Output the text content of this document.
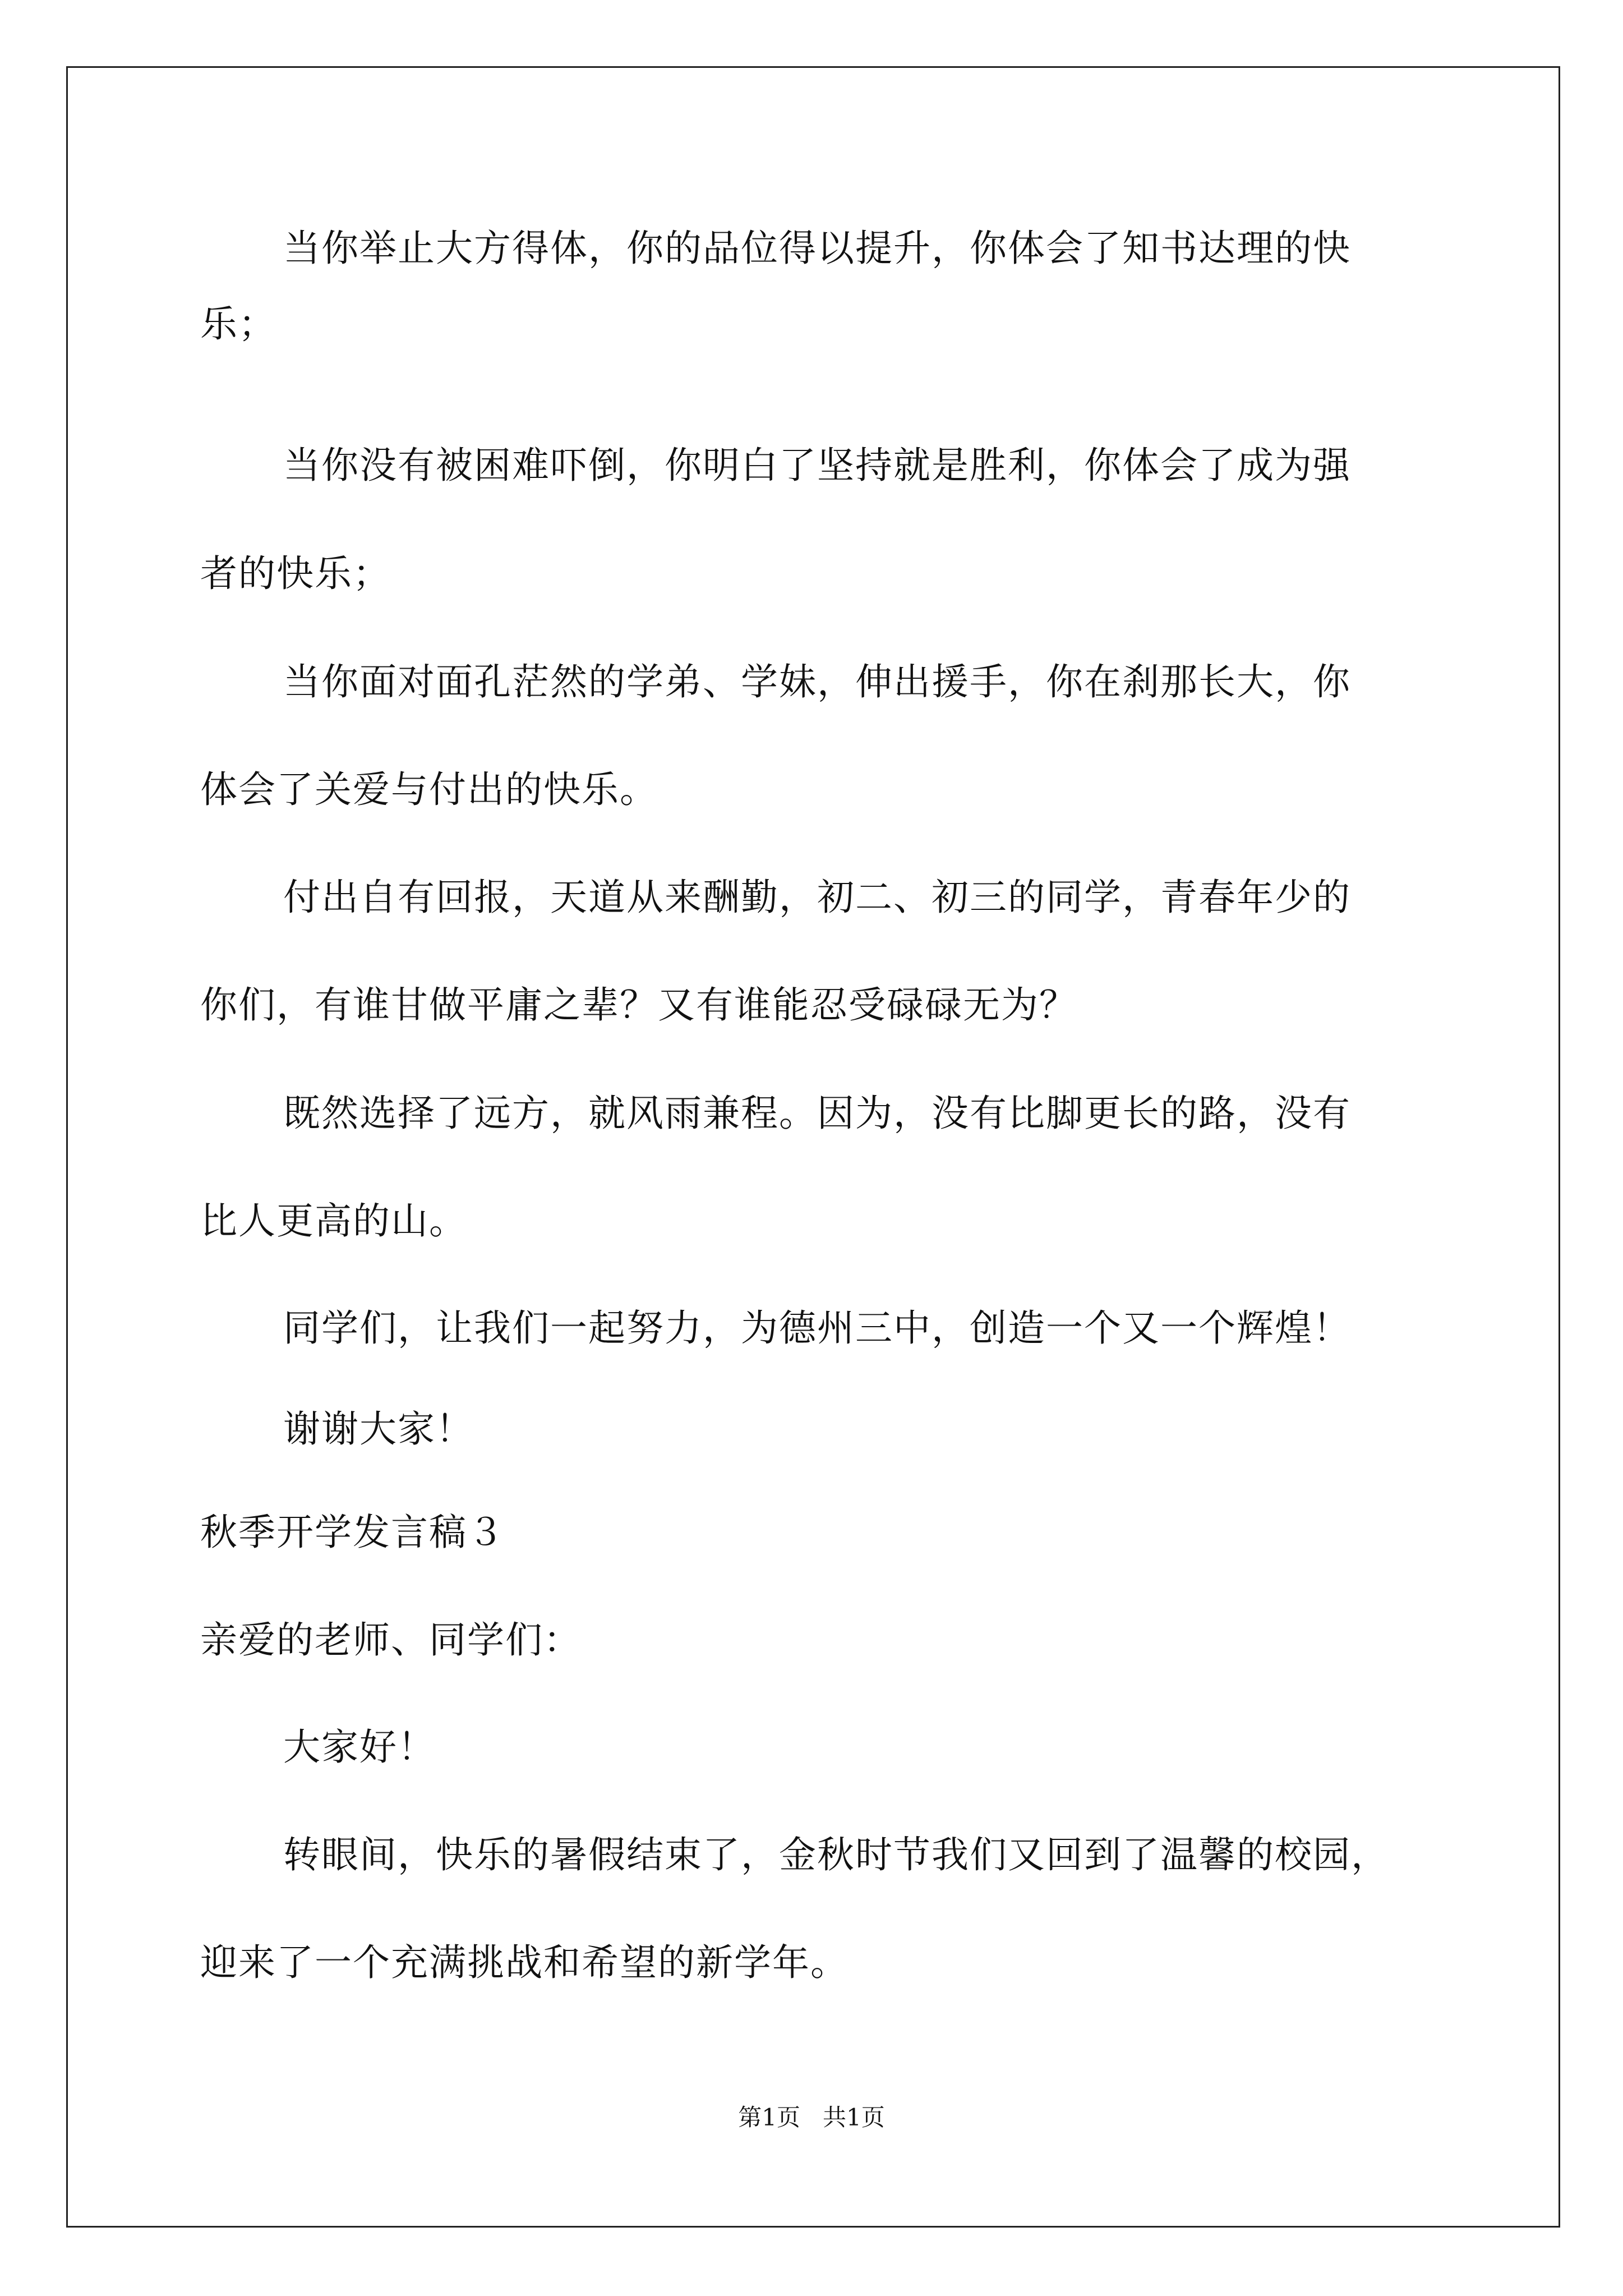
当你举止大方得体，你的品位得以提升，你体会了知书达理的快
乐；
当你没有被困难吓倒，你明白了坚持就是胜利，你体会了成为强
者的快乐；
当你面对面孔茫然的学弟、学妹，伸出援手，你在刹那长大，你
体会了关爱与付出的快乐。
付出自有回报，天道从来酬勤，初二、初三的同学，青春年少的
你们，有谁甘做平庸之辈？又有谁能忍受碌碌无为？
既然选择了远方，就风雨兼程。因为，没有比脚更长的路，没有
比人更高的山。
同学们，让我们一起努力，为德州三中，创造一个又一个辉煌！
谢谢大家！
秋季开学发言稿３
亲爱的老师、同学们：
大家好！
转眼间，快乐的暑假结束了，金秋时节我们又回到了温馨的校园，
迎来了一个充满挑战和希望的新学年。
第1页 共1页
